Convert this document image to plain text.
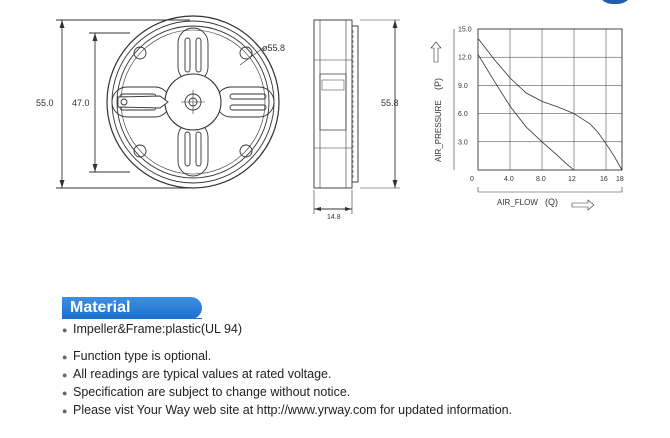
55.0 47.0
ø55.8
55.8
14.8
3.0
6.0
9.0
12.0
15.0
0	4.0	8.0	12	16 18
AIR_FLOW (Q)
AIR_PRESSURE
(P)
Material
● Impeller&Frame:plastic(UL 94)
● Function type is optional.
● All readings are typical values at rated voltage.
● Specification are subject to change without notice.
● Please vist Your Way web site at http://www.yrway.com for updated information.
